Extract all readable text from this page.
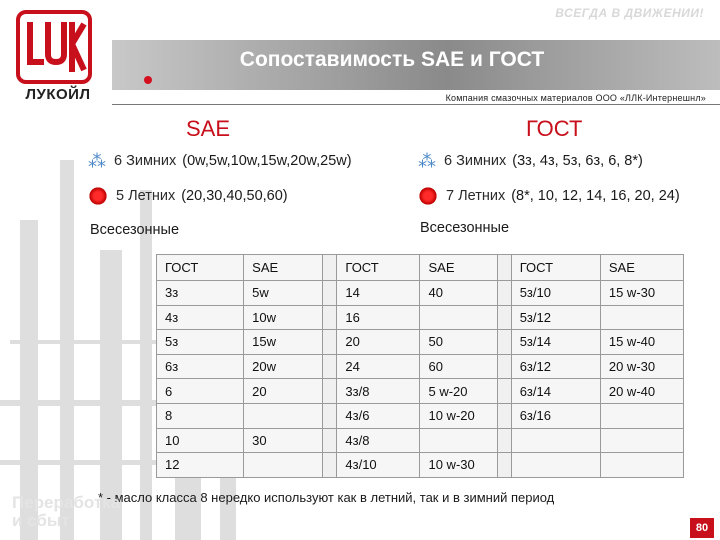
ЛУКОЙЛ
ВСЕГДА В ДВИЖЕНИИ!
Сопоставимость SAE и ГОСТ
Компания смазочных материалов ООО «ЛЛК-Интернешнл»
SAE	ГОСТ
⁂ 6 Зимних (0w,5w,10w,15w,20w,25w)
5 Летних (20,30,40,50,60)
Всесезонные
⁂ 6 Зимних (3з, 4з, 5з, 6з, 6, 8*)
7 Летних (8*, 10, 12, 14, 16, 20, 24)
Всесезонные
ГОСТ	SAE		ГОСТ	SAE		ГОСТ	SAE
3з	5w		14	40		5з/10	15 w-30
4з	10w		16			5з/12	
5з	15w		20	50		5з/14	15 w-40
6з	20w		24	60		6з/12	20 w-30
6	20		3з/8	5 w-20		6з/14	20 w-40
8			4з/6	10 w-20		6з/16	
10	30		4з/8				
12			4з/10	10 w-30			
* - масло класса 8 нередко используют как в летний, так и в зимний период
Переработка
и сбыт	80
